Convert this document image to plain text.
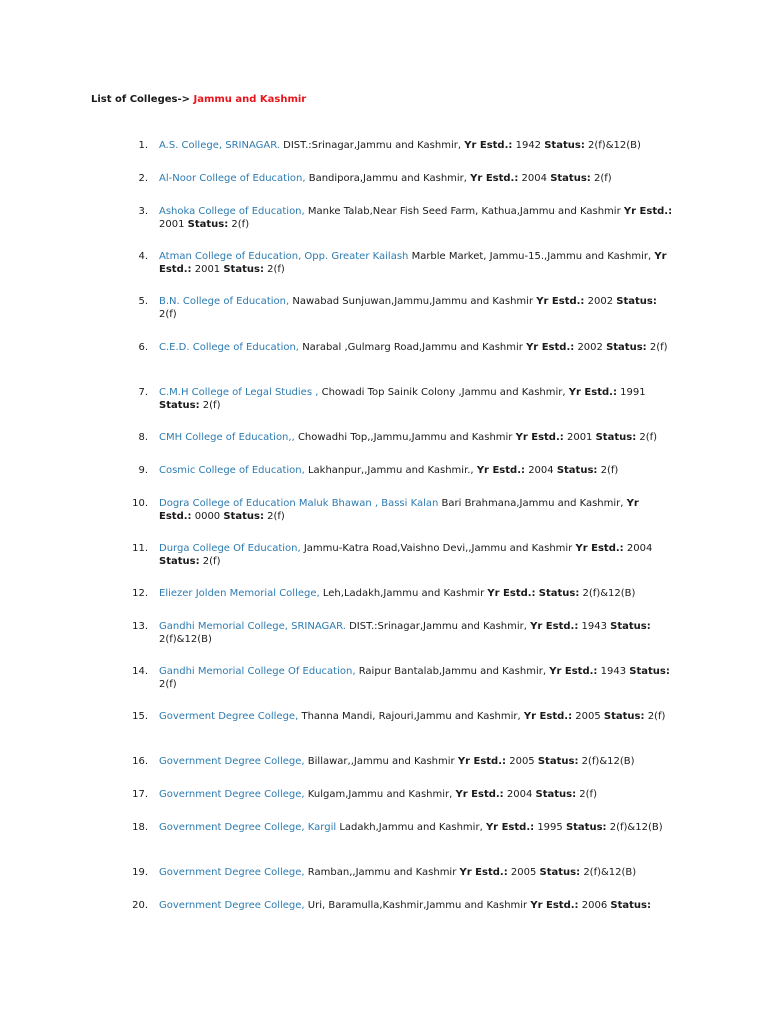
List of Colleges-> Jammu and Kashmir
1. A.S. College, SRINAGAR. DIST.:Srinagar,Jammu and Kashmir, Yr Estd.: 1942 Status: 2(f)&12(B)
2. Al-Noor College of Education, Bandipora,Jammu and Kashmir, Yr Estd.: 2004 Status: 2(f)
3. Ashoka College of Education, Manke Talab,Near Fish Seed Farm, Kathua,Jammu and Kashmir Yr Estd.: 2001 Status: 2(f)
4. Atman College of Education, Opp. Greater Kailash Marble Market, Jammu-15.,Jammu and Kashmir, Yr Estd.: 2001 Status: 2(f)
5. B.N. College of Education, Nawabad Sunjuwan,Jammu,Jammu and Kashmir Yr Estd.: 2002 Status: 2(f)
6. C.E.D. College of Education, Narabal ,Gulmarg Road,Jammu and Kashmir Yr Estd.: 2002 Status: 2(f)
7. C.M.H College of Legal Studies , Chowadi Top Sainik Colony ,Jammu and Kashmir, Yr Estd.: 1991 Status: 2(f)
8. CMH College of Education,, Chowadhi Top,,Jammu,Jammu and Kashmir Yr Estd.: 2001 Status: 2(f)
9. Cosmic College of Education, Lakhanpur,,Jammu and Kashmir., Yr Estd.: 2004 Status: 2(f)
10. Dogra College of Education Maluk Bhawan , Bassi Kalan Bari Brahmana,Jammu and Kashmir, Yr Estd.: 0000 Status: 2(f)
11. Durga College Of Education, Jammu-Katra Road,Vaishno Devi,,Jammu and Kashmir Yr Estd.: 2004 Status: 2(f)
12. Eliezer Jolden Memorial College, Leh,Ladakh,Jammu and Kashmir Yr Estd.: Status: 2(f)&12(B)
13. Gandhi Memorial College, SRINAGAR. DIST.:Srinagar,Jammu and Kashmir, Yr Estd.: 1943 Status: 2(f)&12(B)
14. Gandhi Memorial College Of Education, Raipur Bantalab,Jammu and Kashmir, Yr Estd.: 1943 Status: 2(f)
15. Goverment Degree College, Thanna Mandi, Rajouri,Jammu and Kashmir, Yr Estd.: 2005 Status: 2(f)
16. Government Degree College, Billawar,,Jammu and Kashmir Yr Estd.: 2005 Status: 2(f)&12(B)
17. Government Degree College, Kulgam,Jammu and Kashmir, Yr Estd.: 2004 Status: 2(f)
18. Government Degree College, Kargil Ladakh,Jammu and Kashmir, Yr Estd.: 1995 Status: 2(f)&12(B)
19. Government Degree College, Ramban,,Jammu and Kashmir Yr Estd.: 2005 Status: 2(f)&12(B)
20. Government Degree College, Uri, Baramulla,Kashmir,Jammu and Kashmir Yr Estd.: 2006 Status:
